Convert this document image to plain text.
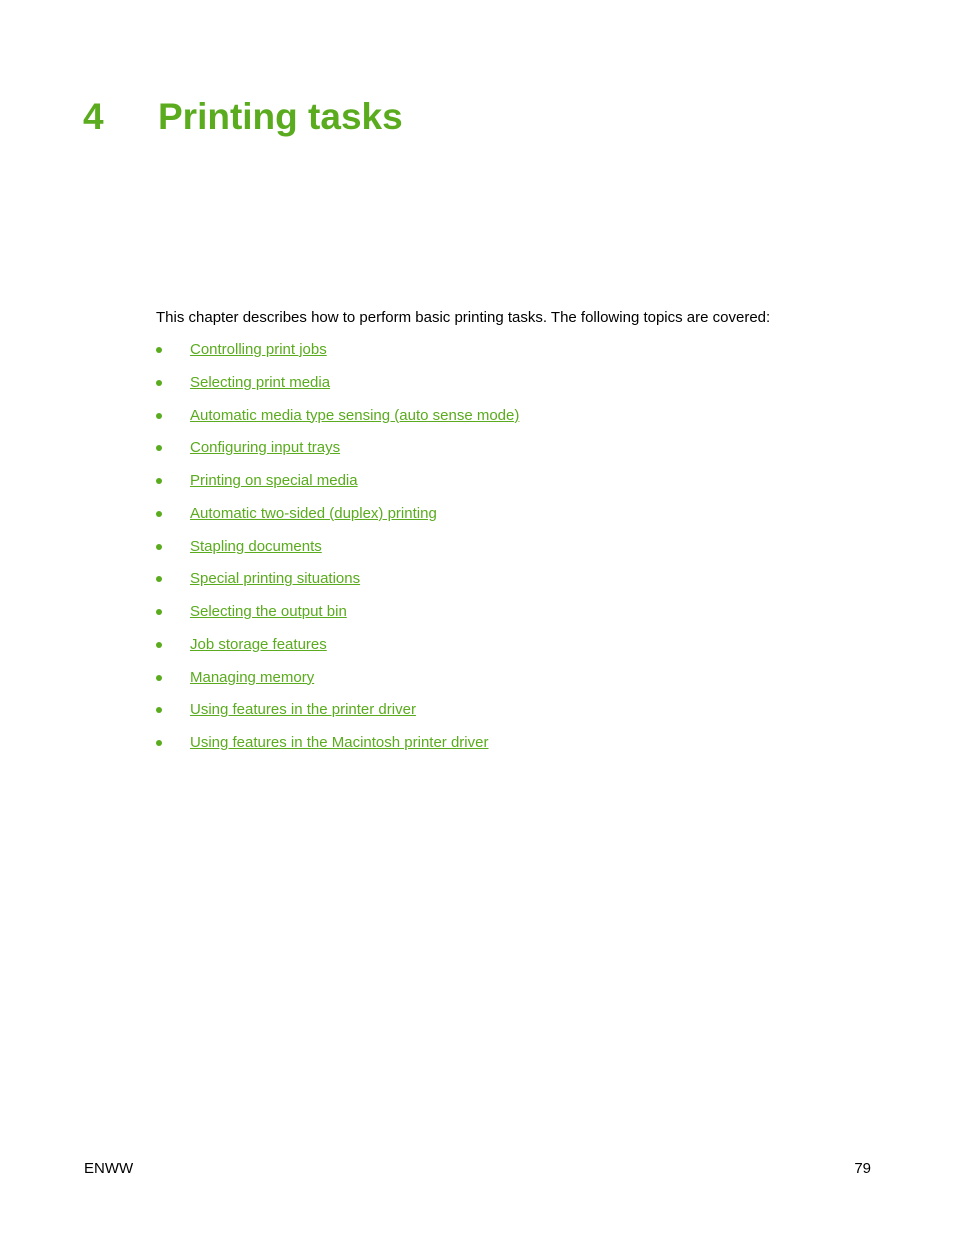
4 Printing tasks

This chapter describes how to perform basic printing tasks. The following topics are covered:

Controlling print jobs
Selecting print media
Automatic media type sensing (auto sense mode)
Configuring input trays
Printing on special media
Automatic two-sided (duplex) printing
Stapling documents
Special printing situations
Selecting the output bin
Job storage features
Managing memory
Using features in the printer driver
Using features in the Macintosh printer driver
ENWW	79
